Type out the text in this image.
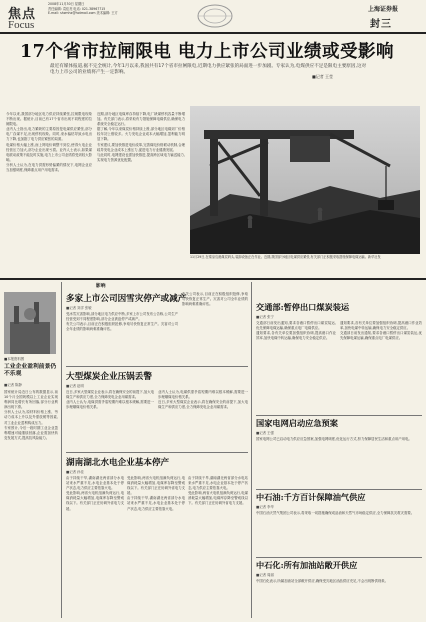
焦点
Focus
2008年11月30日 星期日
责任编辑: 袁佳亮 电话: 021-38967715
E-mail: shzmhx@hotmail.com 美术编辑: 王方
上海证券报
封三
17个省市拉闸限电 电力上市公司业绩或受影响
最近有媒体报道,据不完全统计,今年1月以来,我国共有17个省市拉闸限电,近期电力供应紧张的局面进一步加剧。专家认为,电煤供应不足是限电主要原因,这对电力上市公司的业绩将产生一定影响。
■记者 王莹
今年以来,我国部分地区电力供应持续紧张,拉闸限电现象不断出现。据统计,目前已有17个省市出现不同程度的拉闸限电。
业内人士指出,电力紧缺的主要原因是电煤供应紧张,部分电厂存煤不足,出现停机现象。同时,来水偏枯导致水电出力下降,也加剧了电力供应紧张的局面。
电煤价格大幅上涨,而上网电价调整不到位,使得火电企业经营压力加大,部分企业出现亏损。业内人士表示,如果煤电联动政策不能及时实施,电力上市公司业绩将受到较大影响。
分析人士认为,在电力供需形势偏紧的情况下,电网企业应当加强调度,保障重点用户用电需求。
近期,部分地区电煤库存持续下降,电厂缺煤停机容量不断增加。有关部门表示,将采取有力措施保障电煤供应,确保电力系统安全稳定运行。
据了解,今年以来煤炭价格持续上涨,部分地区电煤到厂价格较年初上涨较多。火力发电企业成本大幅增加,盈利能力明显下降。
专家建议,要加快推进电价改革,完善煤电价格联动机制,合理疏导发电企业成本上涨压力,促进电力行业健康发展。
与此同时,电网建设也需加快推进,提高跨区域电力输送能力,实现电力资源优化配置。
11月29日,在秦皇岛港煤炭码头,装卸设备正在作业。近期,我国部分地区电煤供应紧张,有关部门正积极采取措施保障电煤运输。新华社发
影响
■本报资料图
工业企业盈利前景仍不乐观
■记者 陈静
国家统计局近日公布的数据显示,前10个月全国规模以上工业企业实现利润同比增长有所回落,部分行业利润出现下滑。
分析人士认为,原材料价格上涨、劳动力成本上升以及外需放缓等因素,对工业企业盈利构成压力。
专家预计,今后一段时期工业企业盈利增速可能继续回落,企业需加快转变发展方式,提高抗风险能力。
多家上市公司因雪灾停产或减产
■记者 刘洋 张敏
受冰雪灾害影响,部分地区电力供应中断,多家上市公司发布公告称,公司生产经营受到不同程度影响,部分企业被迫停产或减产。
有关公司表示,目前正在积极组织抢修,争取尽快恢复正常生产。灾害对公司全年业绩的影响尚难准确评估。
有关公司表示,目前正在积极组织抢修,争取尽快恢复正常生产。灾害对公司全年业绩的影响尚难准确评估。
大型煤炭企业压锅丢警
■记者 赵明
近日,多家大型煤炭企业表示,将在确保安全的前提下,加大电煤生产和供应力度,全力保障发电企业用煤需求。
业内人士认为,电煤供需矛盾短期内难以根本缓解,需要进一步理顺煤电价格关系。
业内人士认为,电煤供需矛盾短期内难以根本缓解,需要进一步理顺煤电价格关系。
近日,多家大型煤炭企业表示,将在确保安全的前提下,加大电煤生产和供应力度,全力保障发电企业用煤需求。
湖南湖北水电企业基本停产
■记者 孙佳
由于持续干旱,湖南湖北两省部分水电站来水严重不足,水电企业基本处于停产状态,电力供应主要依靠火电。
受此影响,两省火电机组满负荷运行,电煤消耗量大幅增加,电煤库存降至警戒线以下。有关部门正在协调外省电力支援。
受此影响,两省火电机组满负荷运行,电煤消耗量大幅增加,电煤库存降至警戒线以下。有关部门正在协调外省电力支援。
由于持续干旱,湖南湖北两省部分水电站来水严重不足,水电企业基本处于停产状态,电力供应主要依靠火电。
由于持续干旱,湖南湖北两省部分水电站来水严重不足,水电企业基本处于停产状态,电力供应主要依靠火电。
受此影响,两省火电机组满负荷运行,电煤消耗量大幅增加,电煤库存降至警戒线以下。有关部门正在协调外省电力支援。
交通部:暂停出口煤炭装运
■记者 张宁
交通部日前发出通知,要求各港口暂停出口煤炭装运,优先保障电煤运输,确保重点电厂电煤供应。
通知要求,各有关单位要加强组织协调,提高港口作业效率,加快电煤中转运输,确保电力安全稳定供应。
通知要求,各有关单位要加强组织协调,提高港口作业效率,加快电煤中转运输,确保电力安全稳定供应。
交通部日前发出通知,要求各港口暂停出口煤炭装运,优先保障电煤运输,确保重点电厂电煤供应。
国家电网启动应急预案
■记者 王强
国家电网公司已启动电力供应应急预案,加强电网调度,优化运行方式,努力保障居民生活和重点用户用电。
中石油:千方百计保障油气供应
■记者 李华
中国石油天然气集团公司表示,将采取一切措施确保成品油和天然气市场稳定供应,全力保障抗灾救灾需要。
中石化:所有加油站敞开供应
■记者 周丽
中国石化表示,所属加油站全部敞开供应,确保受灾地区油品供应充足,不会出现断供现象。
